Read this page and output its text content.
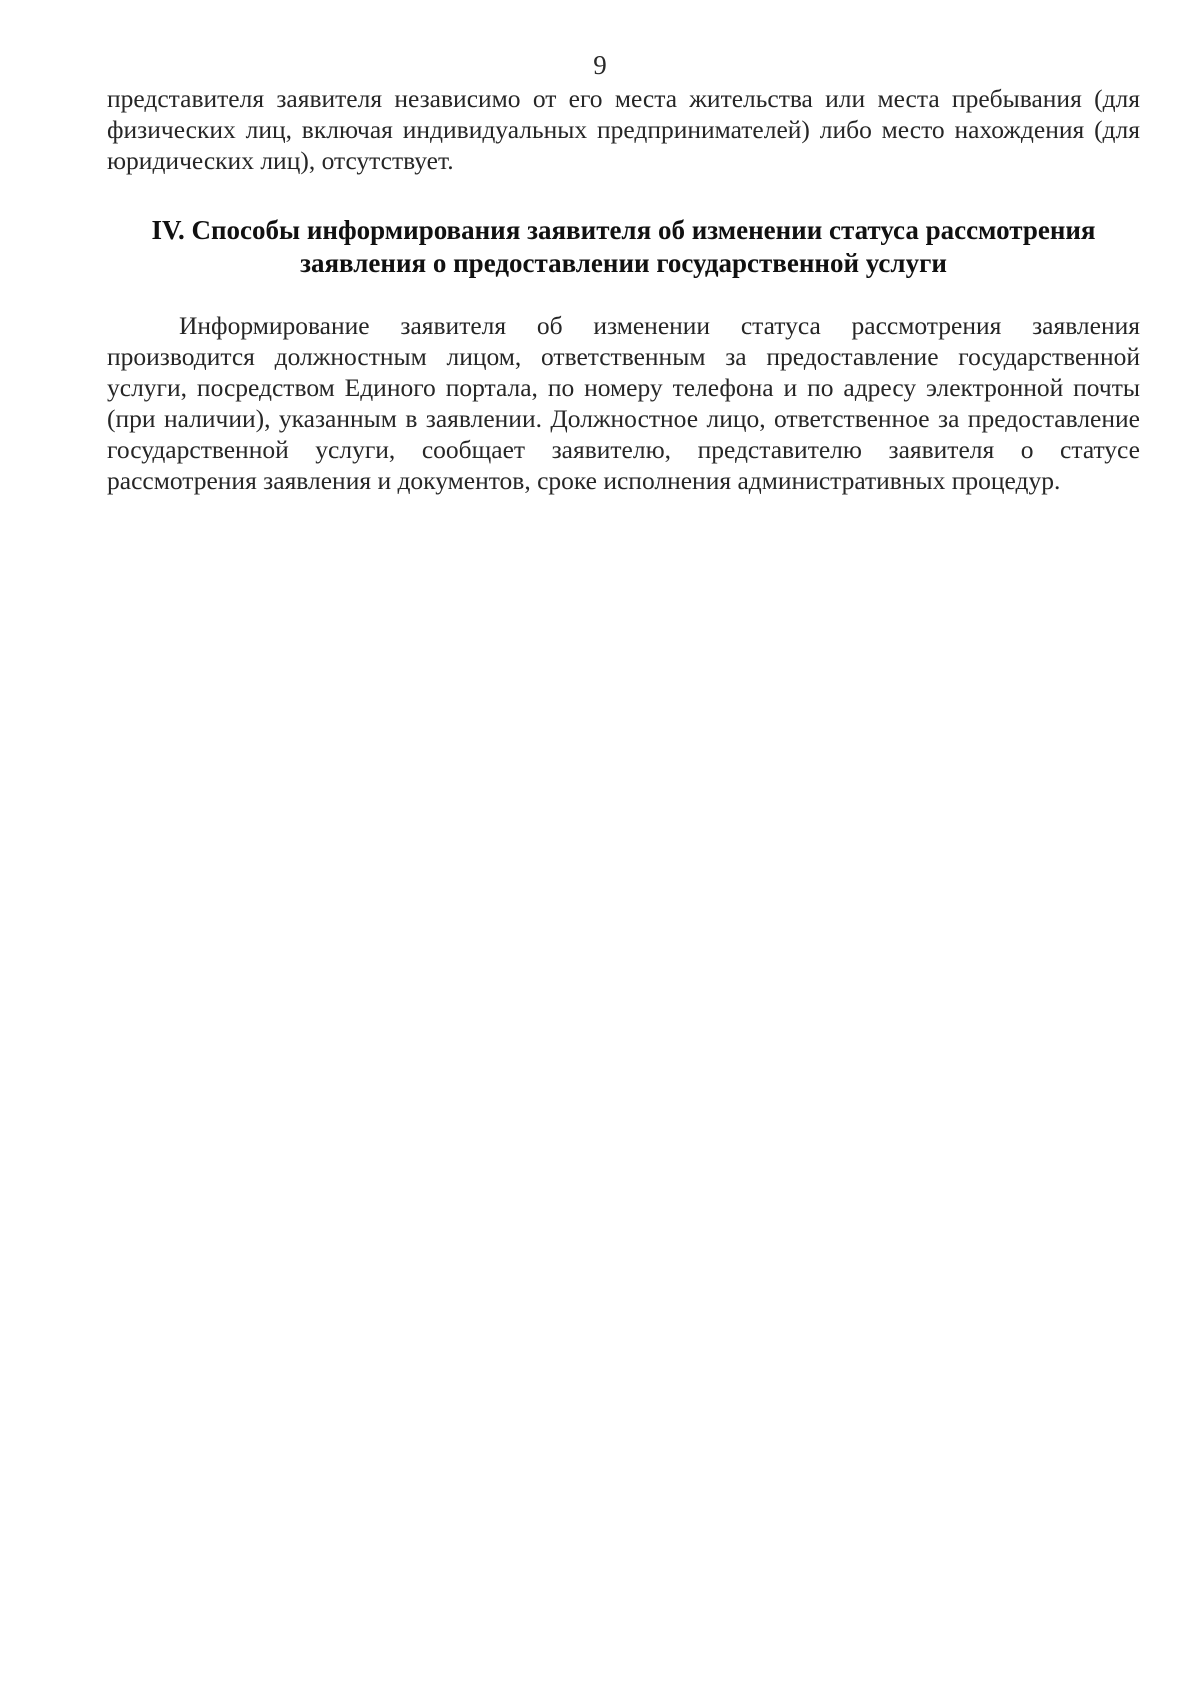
9
представителя заявителя независимо от его места жительства или места пребывания (для физических лиц, включая индивидуальных предпринимателей) либо место нахождения (для юридических лиц), отсутствует.
IV. Способы информирования заявителя об изменении статуса рассмотрения заявления о предоставлении государственной услуги
Информирование заявителя об изменении статуса рассмотрения заявления производится должностным лицом, ответственным за предоставление государственной услуги, посредством Единого портала, по номеру телефона и по адресу электронной почты (при наличии), указанным в заявлении. Должностное лицо, ответственное за предоставление государственной услуги, сообщает заявителю, представителю заявителя о статусе рассмотрения заявления и документов, сроке исполнения административных процедур.
